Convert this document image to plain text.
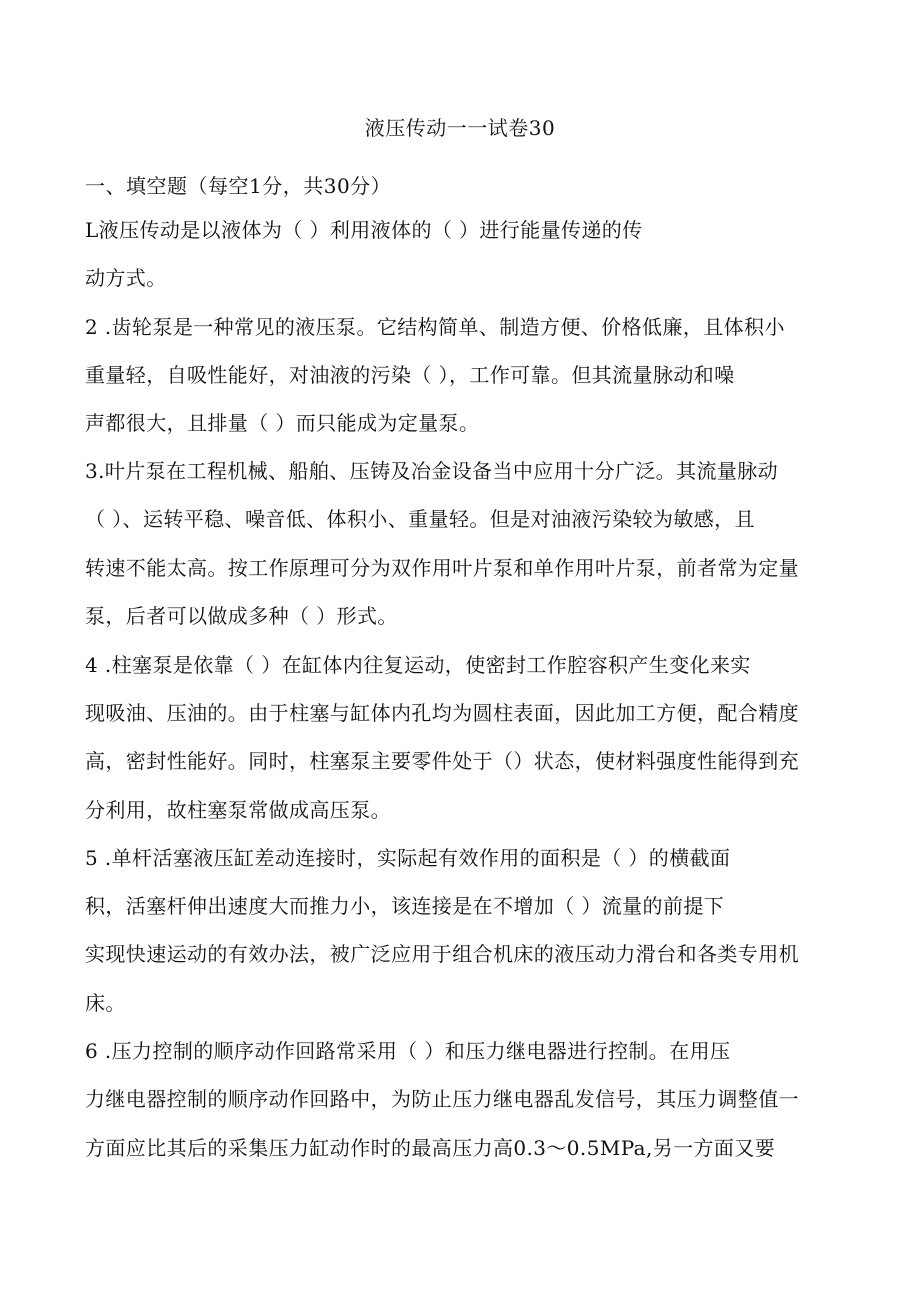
液压传动一一试卷30
一、填空题（每空1分，共30分）
L液压传动是以液体为（ ）利用液体的（ ）进行能量传递的传
动方式。
2 .齿轮泵是一种常见的液压泵。它结构简单、制造方便、价格低廉，且体积小
重量轻，自吸性能好，对油液的污染（ ），工作可靠。但其流量脉动和噪
声都很大，且排量（ ）而只能成为定量泵。
3.叶片泵在工程机械、船舶、压铸及冶金设备当中应用十分广泛。其流量脉动
（ ）、运转平稳、噪音低、体积小、重量轻。但是对油液污染较为敏感，且
转速不能太高。按工作原理可分为双作用叶片泵和单作用叶片泵，前者常为定量
泵，后者可以做成多种（ ）形式。
4 .柱塞泵是依靠（ ）在缸体内往复运动，使密封工作腔容积产生变化来实
现吸油、压油的。由于柱塞与缸体内孔均为圆柱表面，因此加工方便，配合精度
高，密封性能好。同时，柱塞泵主要零件处于（）状态，使材料强度性能得到充
分利用，故柱塞泵常做成高压泵。
5 .单杆活塞液压缸差动连接时，实际起有效作用的面积是（ ）的横截面
积，活塞杆伸出速度大而推力小，该连接是在不增加（ ）流量的前提下
实现快速运动的有效办法，被广泛应用于组合机床的液压动力滑台和各类专用机
床。
6 .压力控制的顺序动作回路常采用（ ）和压力继电器进行控制。在用压
力继电器控制的顺序动作回路中，为防止压力继电器乱发信号，其压力调整值一
方面应比其后的采集压力缸动作时的最高压力高0.3～0.5MPa,另一方面又要
